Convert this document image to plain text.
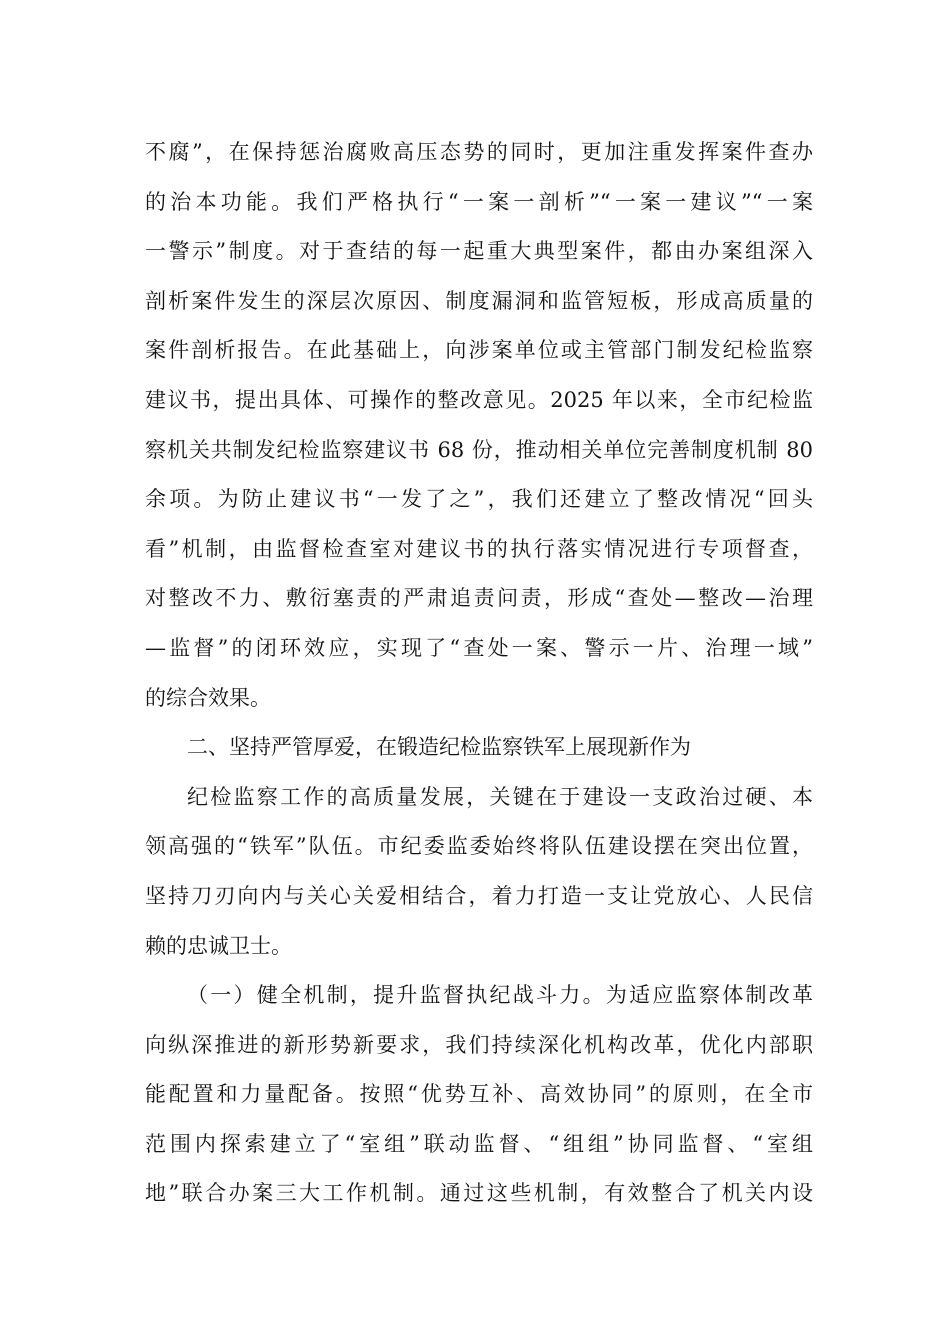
不腐”，在保持惩治腐败高压态势的同时，更加注重发挥案件查办
的治本功能。我们严格执行“一案一剖析”“一案一建议”“一案
一警示”制度。对于查结的每一起重大典型案件，都由办案组深入
剖析案件发生的深层次原因、制度漏洞和监管短板，形成高质量的
案件剖析报告。在此基础上，向涉案单位或主管部门制发纪检监察
建议书，提出具体、可操作的整改意见。2025 年以来，全市纪检监
察机关共制发纪检监察建议书 68 份，推动相关单位完善制度机制 80
余项。为防止建议书“一发了之”，我们还建立了整改情况“回头
看”机制，由监督检查室对建议书的执行落实情况进行专项督查，
对整改不力、敷衍塞责的严肃追责问责，形成“查处—整改—治理
—监督”的闭环效应，实现了“查处一案、警示一片、治理一域”
的综合效果。
二、坚持严管厚爱，在锻造纪检监察铁军上展现新作为
纪检监察工作的高质量发展，关键在于建设一支政治过硬、本
领高强的“铁军”队伍。市纪委监委始终将队伍建设摆在突出位置，
坚持刀刃向内与关心关爱相结合，着力打造一支让党放心、人民信
赖的忠诚卫士。
（一）健全机制，提升监督执纪战斗力。为适应监察体制改革
向纵深推进的新形势新要求，我们持续深化机构改革，优化内部职
能配置和力量配备。按照“优势互补、高效协同”的原则，在全市
范围内探索建立了“室组”联动监督、“组组”协同监督、“室组
地”联合办案三大工作机制。通过这些机制，有效整合了机关内设
